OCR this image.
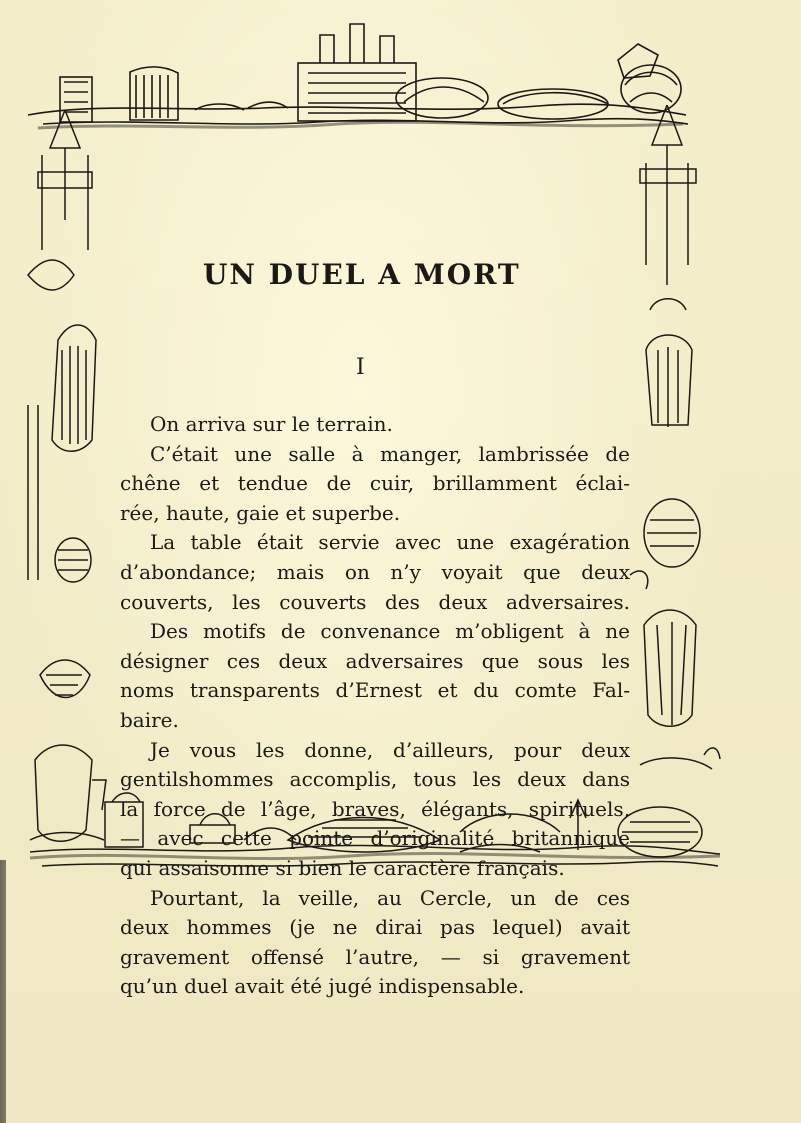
UN DUEL A MORT
I
On arriva sur le terrain.
C’était une salle à manger, lambrissée de
chêne et tendue de cuir, brillamment éclai-
rée, haute, gaie et superbe.
La table était servie avec une exagération
d’abondance; mais on n’y voyait que deux
couverts, les couverts des deux adversaires.
Des motifs de convenance m’obligent à ne
désigner ces deux adversaires que sous les
noms transparents d’Ernest et du comte Fal-
baire.
Je vous les donne, d’ailleurs, pour deux
gentilshommes accomplis, tous les deux dans
la force de l’âge, braves, élégants, spirituels,
— avec cette pointe d’originalité britannique
qui assaisonne si bien le caractère français.
Pourtant, la veille, au Cercle, un de ces
deux hommes (je ne dirai pas lequel) avait
gravement offensé l’autre, — si gravement
qu’un duel avait été jugé indispensable.
